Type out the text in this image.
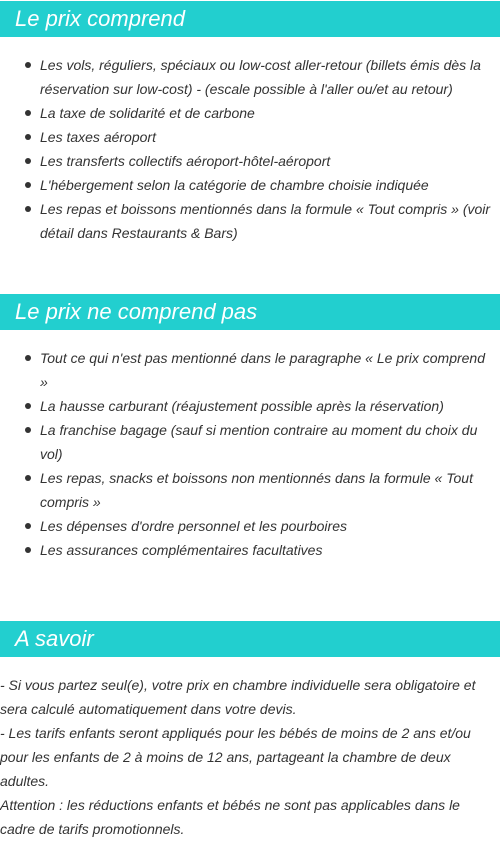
Le prix comprend
Les vols, réguliers, spéciaux ou low-cost aller-retour (billets émis dès la réservation sur low-cost) - (escale possible à l'aller ou/et au retour)
La taxe de solidarité et de carbone
Les taxes aéroport
Les transferts collectifs aéroport-hôtel-aéroport
L'hébergement selon la catégorie de chambre choisie indiquée
Les repas et boissons mentionnés dans la formule « Tout compris » (voir détail dans Restaurants & Bars)
Le prix ne comprend pas
Tout ce qui n'est pas mentionné dans le paragraphe « Le prix comprend »
La hausse carburant (réajustement possible après la réservation)
La franchise bagage (sauf si mention contraire au moment du choix du vol)
Les repas, snacks et boissons non mentionnés dans la formule « Tout compris »
Les dépenses d'ordre personnel et les pourboires
Les assurances complémentaires facultatives
A savoir
- Si vous partez seul(e), votre prix en chambre individuelle sera obligatoire et sera calculé automatiquement dans votre devis.
- Les tarifs enfants seront appliqués pour les bébés de moins de 2 ans et/ou pour les enfants de 2 à moins de 12 ans, partageant la chambre de deux adultes.
Attention : les réductions enfants et bébés ne sont pas applicables dans le cadre de tarifs promotionnels.
